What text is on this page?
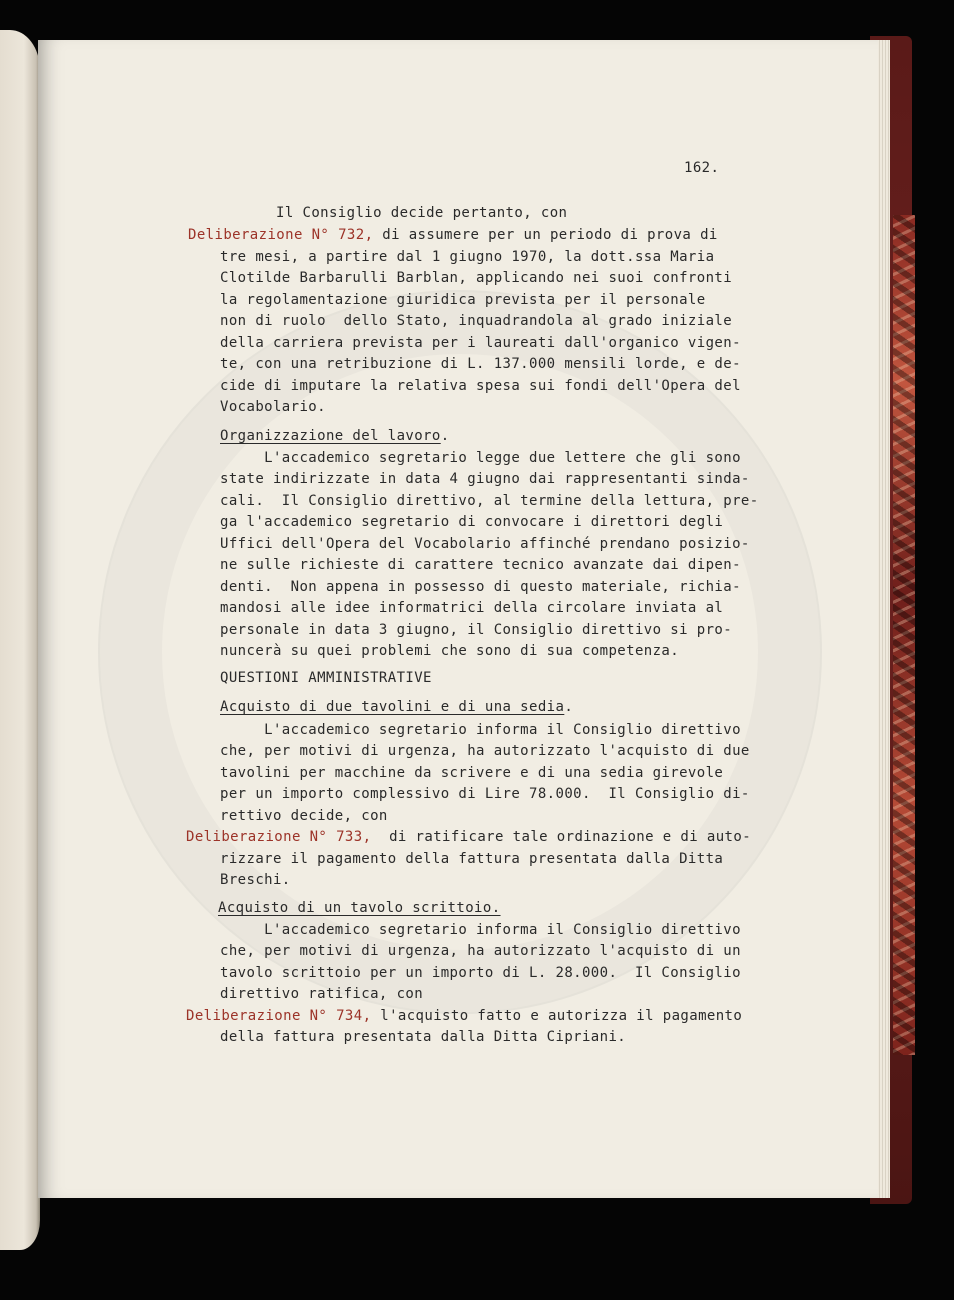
162.
Il Consiglio decide pertanto, con
Deliberazione N° 732, di assumere per un periodo di prova di
tre mesi, a partire dal 1 giugno 1970, la dott.ssa Maria
Clotilde Barbarulli Barblan, applicando nei suoi confronti
la regolamentazione giuridica prevista per il personale
non di ruolo  dello Stato, inquadrandola al grado iniziale
della carriera prevista per i laureati dall'organico vigen-
te, con una retribuzione di L. 137.000 mensili lorde, e de-
cide di imputare la relativa spesa sui fondi dell'Opera del
Vocabolario.
Organizzazione del lavoro.
L'accademico segretario legge due lettere che gli sono
state indirizzate in data 4 giugno dai rappresentanti sinda-
cali.  Il Consiglio direttivo, al termine della lettura, pre-
ga l'accademico segretario di convocare i direttori degli
Uffici dell'Opera del Vocabolario affinché prendano posizio-
ne sulle richieste di carattere tecnico avanzate dai dipen-
denti.  Non appena in possesso di questo materiale, richia-
mandosi alle idee informatrici della circolare inviata al
personale in data 3 giugno, il Consiglio direttivo si pro-
nuncerà su quei problemi che sono di sua competenza.
QUESTIONI AMMINISTRATIVE
Acquisto di due tavolini e di una sedia.
L'accademico segretario informa il Consiglio direttivo
che, per motivi di urgenza, ha autorizzato l'acquisto di due
tavolini per macchine da scrivere e di una sedia girevole
per un importo complessivo di Lire 78.000.  Il Consiglio di-
rettivo decide, con
Deliberazione N° 733,  di ratificare tale ordinazione e di auto-
rizzare il pagamento della fattura presentata dalla Ditta
Breschi.
Acquisto di un tavolo scrittoio.
L'accademico segretario informa il Consiglio direttivo
che, per motivi di urgenza, ha autorizzato l'acquisto di un
tavolo scrittoio per un importo di L. 28.000.  Il Consiglio
direttivo ratifica, con
Deliberazione N° 734, l'acquisto fatto e autorizza il pagamento
della fattura presentata dalla Ditta Cipriani.
